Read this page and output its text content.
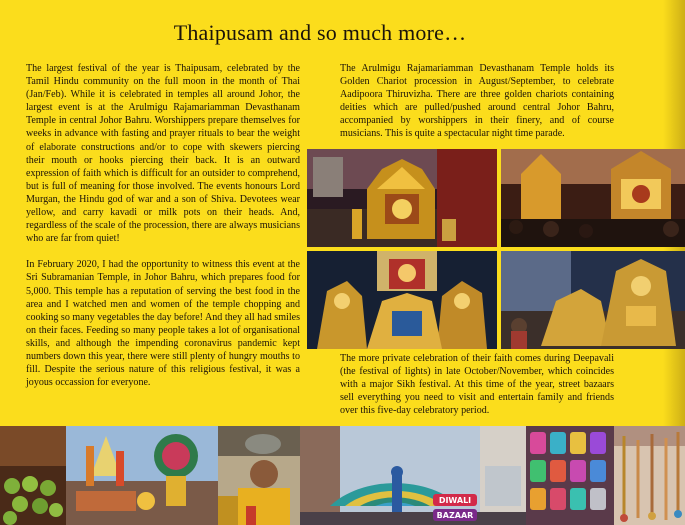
Thaipusam and so much more…

The largest festival of the year is Thaipusam, celebrated by the Tamil Hindu community on the full moon in the month of Thai (Jan/Feb). While it is celebrated in temples all around Johor, the largest event is at the Arulmigu Rajamariamman Devasthanam Temple in central Johor Bahru. Worshippers prepare themselves for weeks in advance with fasting and prayer rituals to bear the weight of elaborate constructions and/or to cope with skewers piercing their mouth or hooks piercing their back. It is an outward expression of faith which is difficult for an outsider to comprehend, but is full of meaning for those involved. The events honours Lord Murgan, the Hindu god of war and a son of Shiva. Devotees wear yellow, and carry kavadi or milk pots on their heads. And, regardless of the scale of the procession, there are always musicians who are far from quiet!

In February 2020, I had the opportunity to witness this event at the Sri Subramanian Temple, in Johor Bahru, which prepares food for 5,000. This temple has a reputation of serving the best food in the area and I watched men and women of the temple chopping and cooking so many vegetables the day before! And they all had smiles on their faces. Feeding so many people takes a lot of organisational skills, and although the impending coronavirus pandemic kept numbers down this year, there were still plenty of hungry mouths to fill. Despite the serious nature of this religious festival, it was a joyous occassion for everyone.

The Arulmigu Rajamariamman Devasthanam Temple holds its Golden Chariot procession in August/September, to celebrate Aadipoora Thiruvizha. There are three golden chariots containing deities which are pulled/pushed around central Johor Bahru, accompanied by worshippers in their finery, and of course musicians. This is quite a spectacular night time parade.

The more private celebration of their faith comes during Deepavali (the festival of lights) in late October/November, which coincides with a major Sikh festival. At this time of the year, street bazaars sell everything you need to visit and entertain family and friends over this five-day celebratory period.

DIWALI
BAZAAR
